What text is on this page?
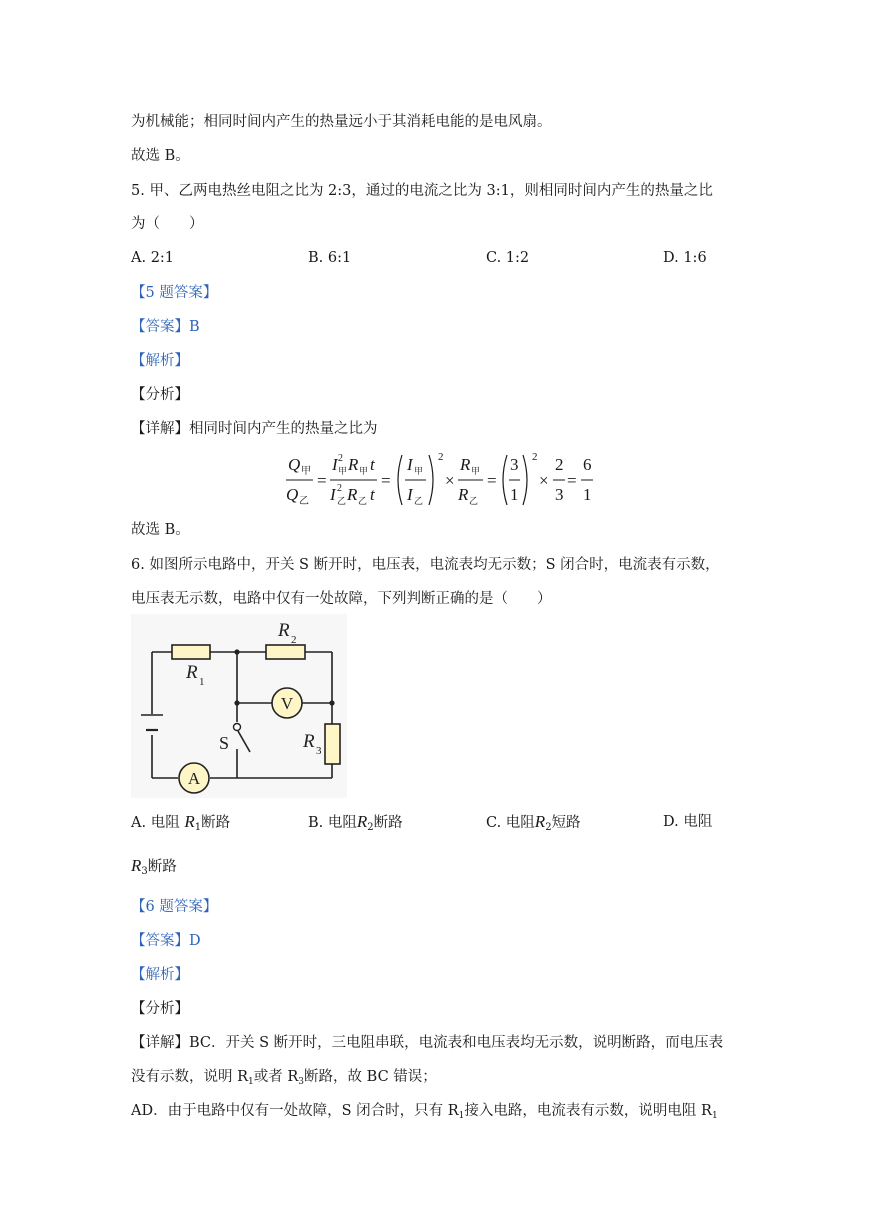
为机械能；相同时间内产生的热量远小于其消耗电能的是电风扇。
故选 B。
5. 甲、乙两电热丝电阻之比为 2:3，通过的电流之比为 3:1，则相同时间内产生的热量之比
为（　　）
A. 2:1	B. 6:1	C. 1:2	D. 1:6
【5 题答案】
【答案】B
【解析】
【分析】
【详解】相同时间内产生的热量之比为
Q 甲
Q 乙
=
I 2
甲 R 甲 t
I 2
乙 R 乙 t
=
I 甲
I 乙
2
×
R 甲
R 乙
=
3
1
2
×
2
3
=
6
1
故选 B。
6. 如图所示电路中，开关 S 断开时，电压表，电流表均无示数；S 闭合时，电流表有示数，
电压表无示数，电路中仅有一处故障，下列判断正确的是（　　）
V
A
R 1
R 2
R 3
S
A. 电阻 $R_1$断路	B. 电阻$R_2$断路	C. 电阻$R_2$短路	D. 电阻
$R_3$断路
【6 题答案】
【答案】D
【解析】
【分析】
【详解】BC．开关 S 断开时，三电阻串联，电流表和电压表均无示数，说明断路，而电压表
没有示数，说明 $R_1$或者 $R_3$断路，故 BC 错误；
AD．由于电路中仅有一处故障，S 闭合时，只有 $R_1$接入电路，电流表有示数，说明电阻 $R_1$
